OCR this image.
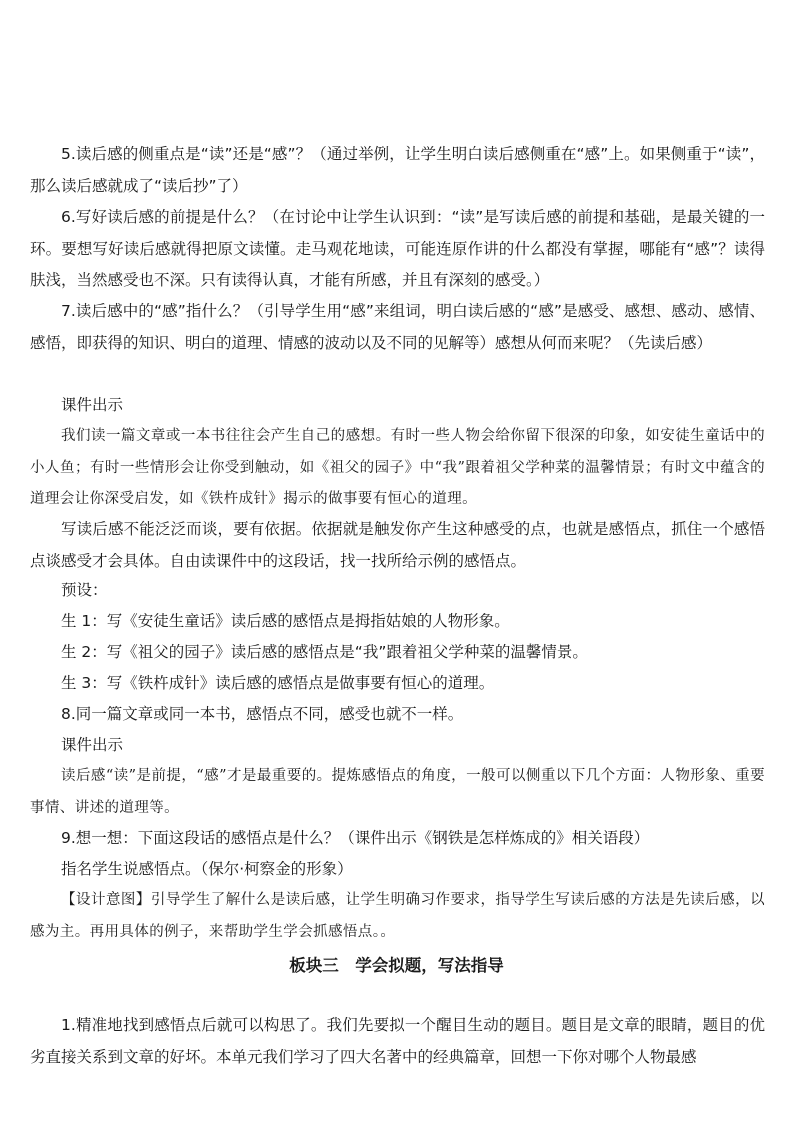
5.读后感的侧重点是“读”还是“感”？（通过举例，让学生明白读后感侧重在“感”上。如果侧重于“读”，那么读后感就成了“读后抄”了）

6.写好读后感的前提是什么？（在讨论中让学生认识到：“读”是写读后感的前提和基础，是最关键的一环。要想写好读后感就得把原文读懂。走马观花地读，可能连原作讲的什么都没有掌握，哪能有“感”？读得肤浅，当然感受也不深。只有读得认真，才能有所感，并且有深刻的感受。）

7.读后感中的“感”指什么？（引导学生用“感”来组词，明白读后感的“感”是感受、感想、感动、感情、感悟，即获得的知识、明白的道理、情感的波动以及不同的见解等）感想从何而来呢？（先读后感）

课件出示

我们读一篇文章或一本书往往会产生自己的感想。有时一些人物会给你留下很深的印象，如安徒生童话中的小人鱼；有时一些情形会让你受到触动，如《祖父的园子》中“我”跟着祖父学种菜的温馨情景；有时文中蕴含的道理会让你深受启发，如《铁杵成针》揭示的做事要有恒心的道理。

写读后感不能泛泛而谈，要有依据。依据就是触发你产生这种感受的点，也就是感悟点，抓住一个感悟点谈感受才会具体。自由读课件中的这段话，找一找所给示例的感悟点。

预设：

生 1：写《安徒生童话》读后感的感悟点是拇指姑娘的人物形象。

生 2：写《祖父的园子》读后感的感悟点是“我”跟着祖父学种菜的温馨情景。

生 3：写《铁杵成针》读后感的感悟点是做事要有恒心的道理。

8.同一篇文章或同一本书，感悟点不同，感受也就不一样。

课件出示

读后感“读”是前提，“感”才是最重要的。提炼感悟点的角度，一般可以侧重以下几个方面：人物形象、重要事情、讲述的道理等。

9.想一想：下面这段话的感悟点是什么？（课件出示《钢铁是怎样炼成的》相关语段）

指名学生说感悟点。（保尔·柯察金的形象）

【设计意图】引导学生了解什么是读后感，让学生明确习作要求，指导学生写读后感的方法是先读后感，以感为主。再用具体的例子，来帮助学生学会抓感悟点。。

板块三　学会拟题，写法指导

1.精准地找到感悟点后就可以构思了。我们先要拟一个醒目生动的题目。题目是文章的眼睛，题目的优劣直接关系到文章的好坏。本单元我们学习了四大名著中的经典篇章，回想一下你对哪个人物最感
